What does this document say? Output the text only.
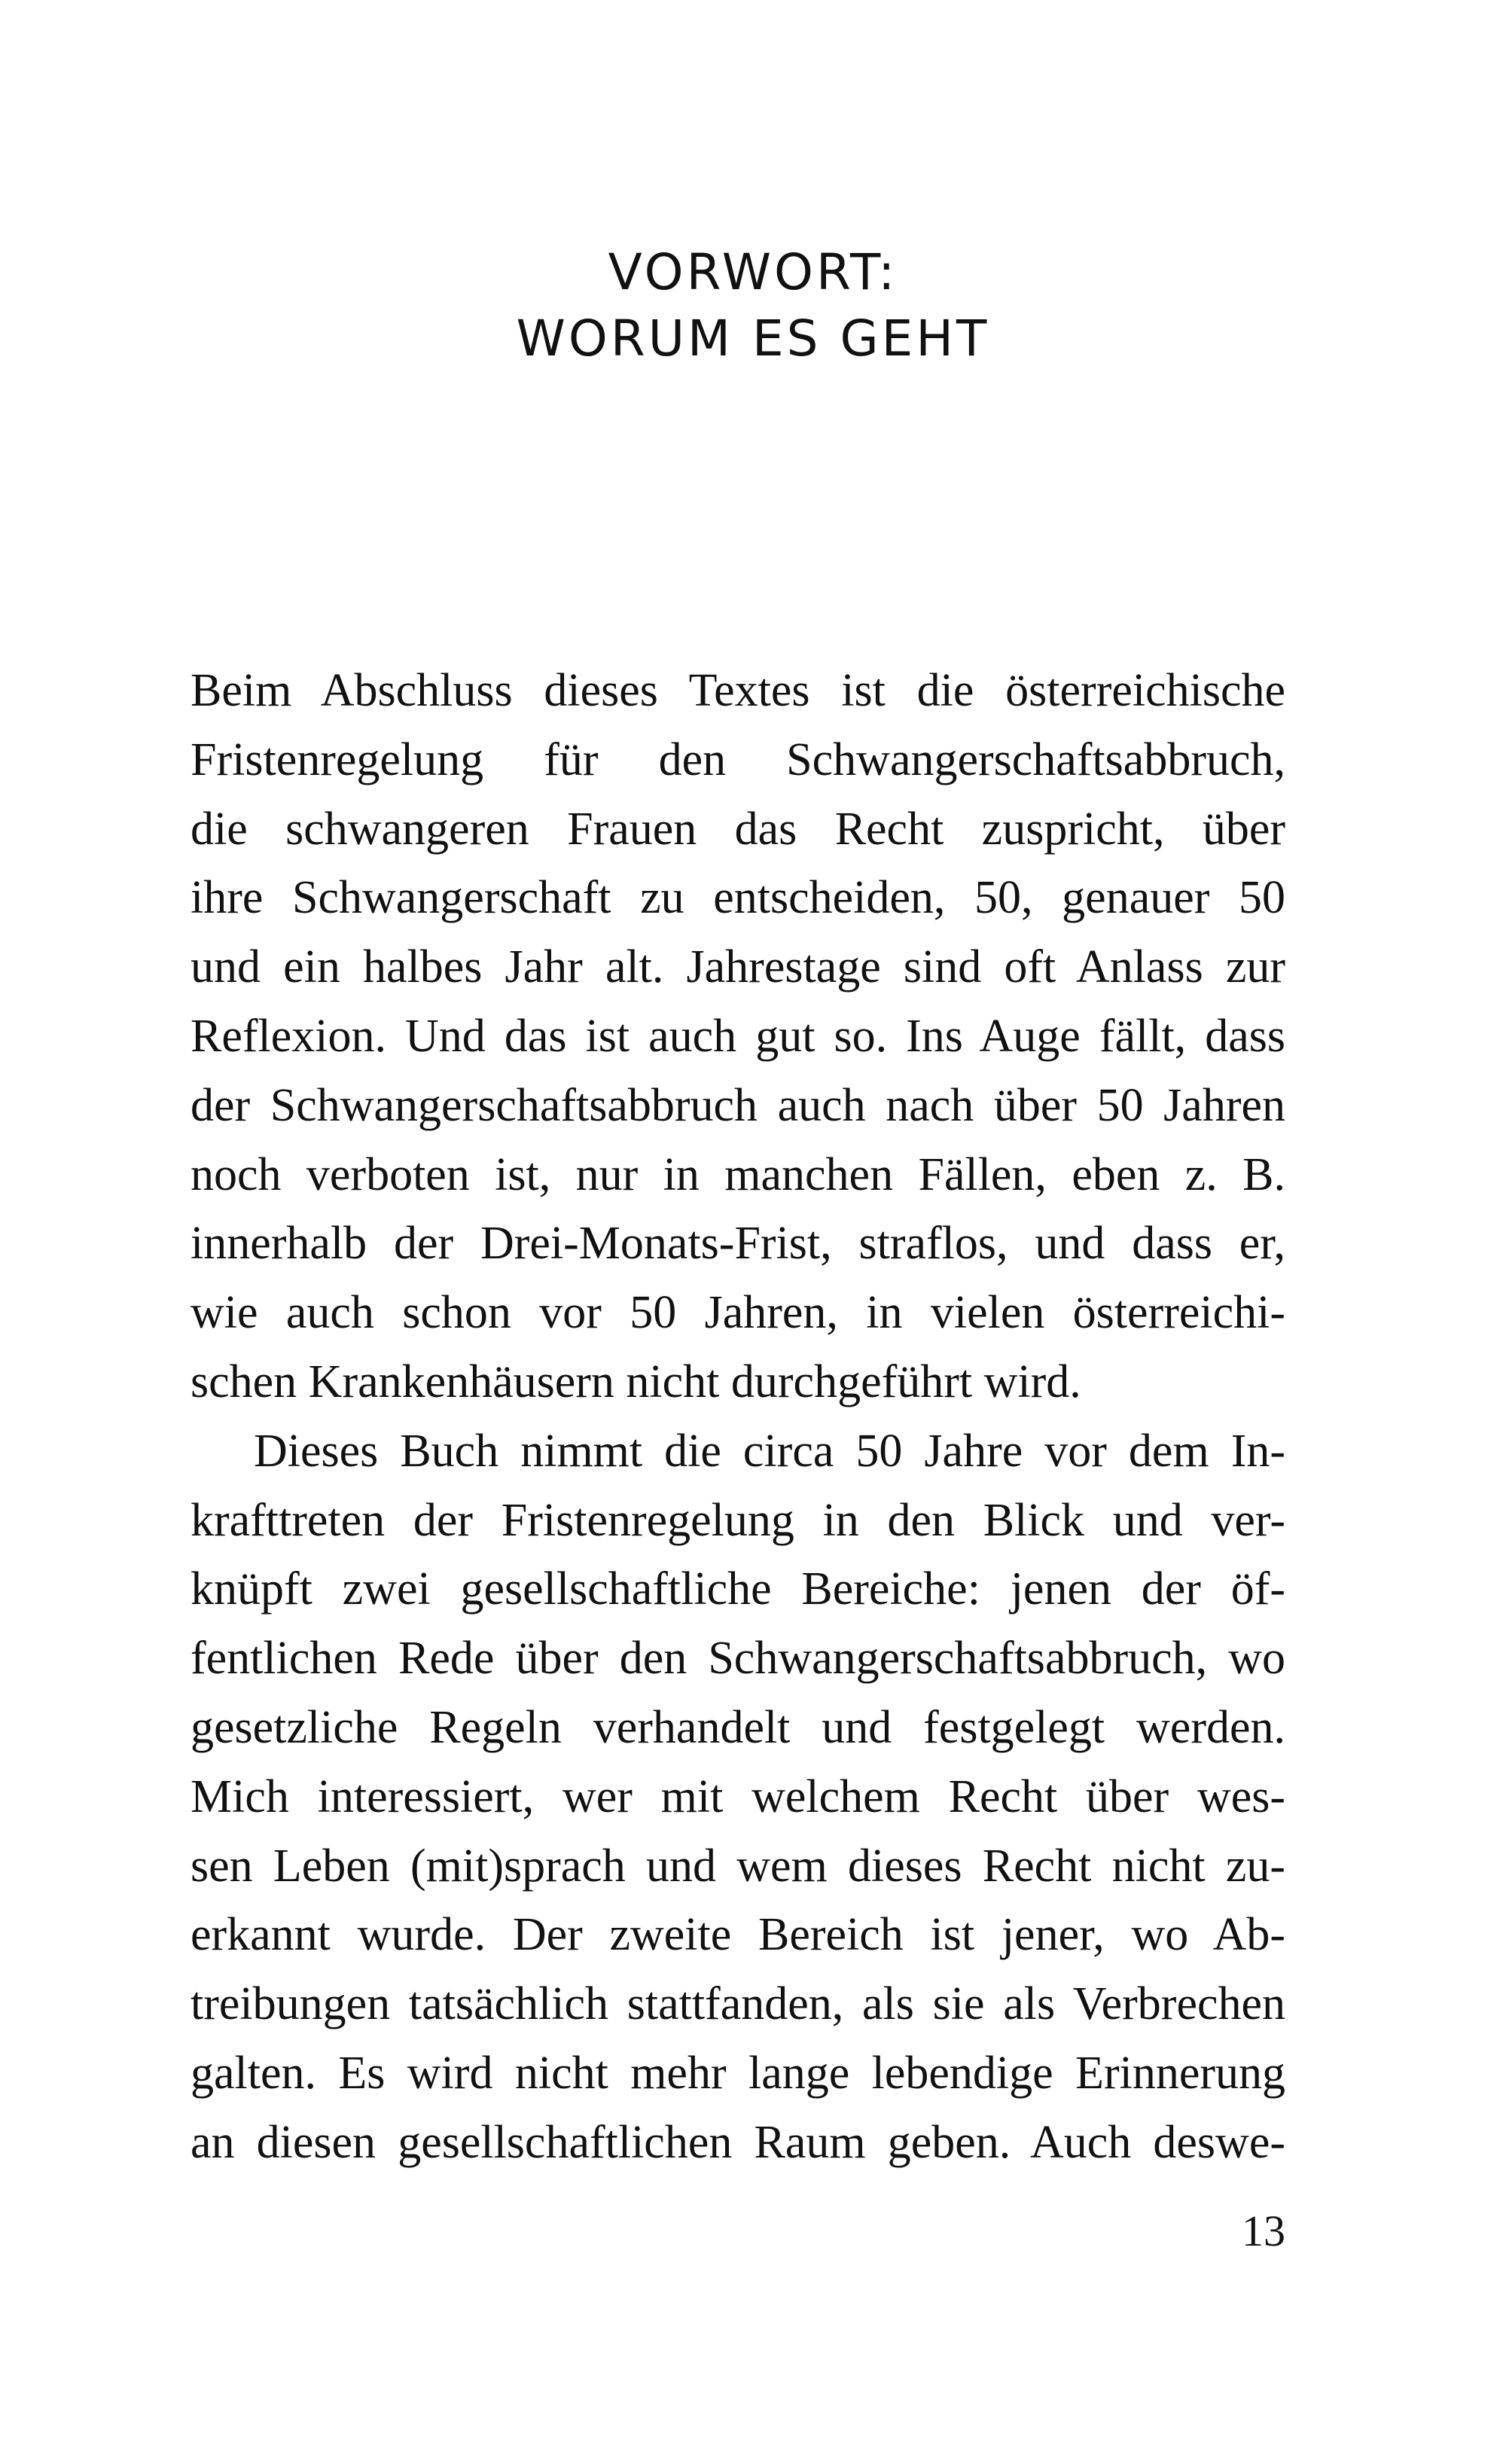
VORWORT:
WORUM ES GEHT

Beim Abschluss dieses Textes ist die österreichische
Fristenregelung für den Schwangerschaftsabbruch,
die schwangeren Frauen das Recht zuspricht, über
ihre Schwangerschaft zu entscheiden, 50, genauer 50
und ein halbes Jahr alt. Jahrestage sind oft Anlass zur
Reflexion. Und das ist auch gut so. Ins Auge fällt, dass
der Schwangerschaftsabbruch auch nach über 50 Jahren
noch verboten ist, nur in manchen Fällen, eben z. B.
innerhalb der Drei-Monats-Frist, straflos, und dass er,
wie auch schon vor 50 Jahren, in vielen österreichi-
schen Krankenhäusern nicht durchgeführt wird.

Dieses Buch nimmt die circa 50 Jahre vor dem In-
krafttreten der Fristenregelung in den Blick und ver-
knüpft zwei gesellschaftliche Bereiche: jenen der öf-
fentlichen Rede über den Schwangerschaftsabbruch, wo
gesetzliche Regeln verhandelt und festgelegt werden.
Mich interessiert, wer mit welchem Recht über wes-
sen Leben (mit)sprach und wem dieses Recht nicht zu-
erkannt wurde. Der zweite Bereich ist jener, wo Ab-
treibungen tatsächlich stattfanden, als sie als Verbrechen
galten. Es wird nicht mehr lange lebendige Erinnerung
an diesen gesellschaftlichen Raum geben. Auch deswe-

13
